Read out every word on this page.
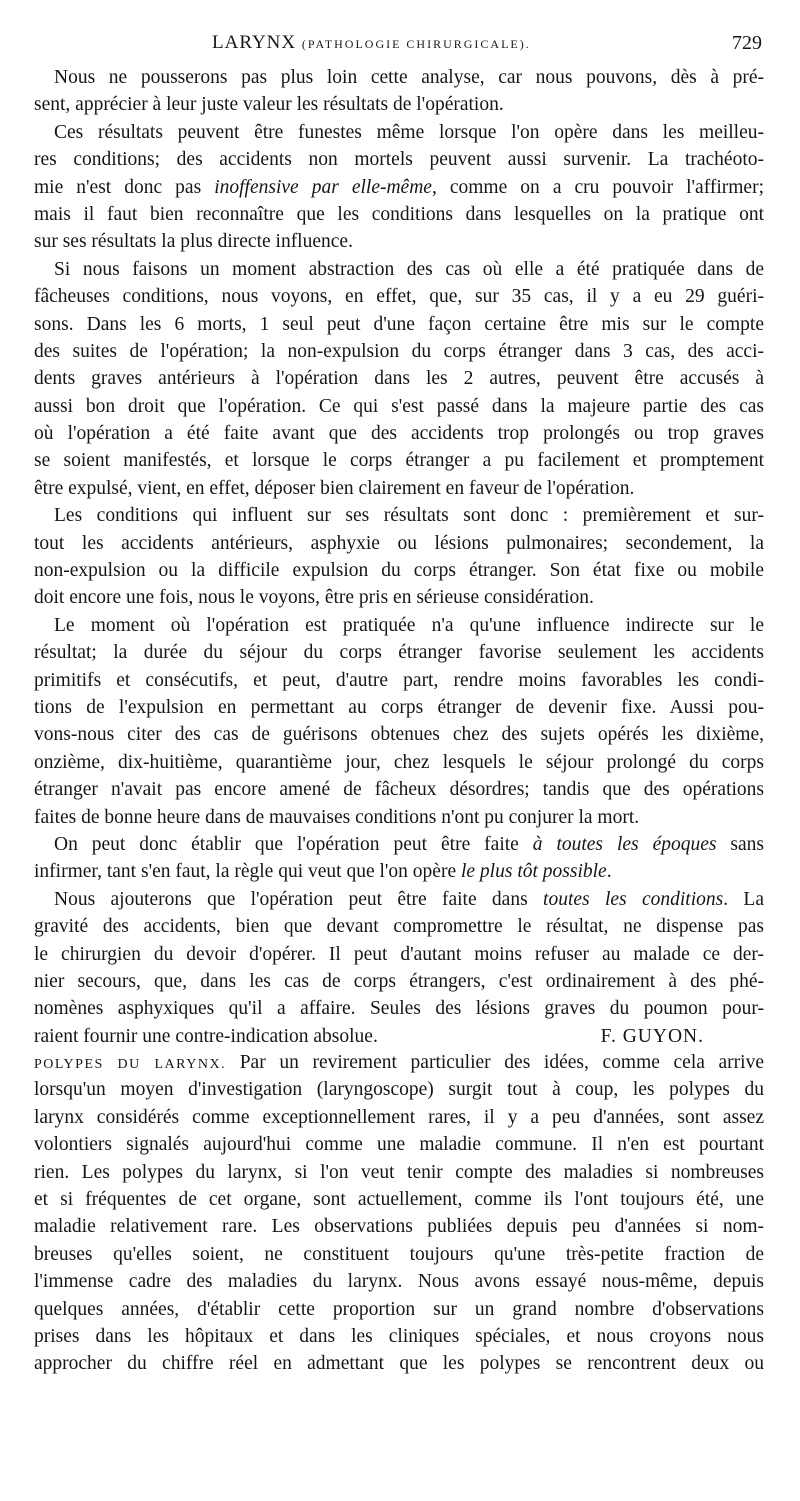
LARYNX (PATHOLOGIE CHIRURGICALE).	729
Nous ne pousserons pas plus loin cette analyse, car nous pouvons, dès à pré-
sent, apprécier à leur juste valeur les résultats de l'opération.
Ces résultats peuvent être funestes même lorsque l'on opère dans les meilleu-
res conditions; des accidents non mortels peuvent aussi survenir. La trachéoto-
mie n'est donc pas inoffensive par elle-même, comme on a cru pouvoir l'affirmer;
mais il faut bien reconnaître que les conditions dans lesquelles on la pratique ont
sur ses résultats la plus directe influence.
Si nous faisons un moment abstraction des cas où elle a été pratiquée dans de
fâcheuses conditions, nous voyons, en effet, que, sur 35 cas, il y a eu 29 guéri-
sons. Dans les 6 morts, 1 seul peut d'une façon certaine être mis sur le compte
des suites de l'opération; la non-expulsion du corps étranger dans 3 cas, des acci-
dents graves antérieurs à l'opération dans les 2 autres, peuvent être accusés à
aussi bon droit que l'opération. Ce qui s'est passé dans la majeure partie des cas
où l'opération a été faite avant que des accidents trop prolongés ou trop graves
se soient manifestés, et lorsque le corps étranger a pu facilement et promptement
être expulsé, vient, en effet, déposer bien clairement en faveur de l'opération.
Les conditions qui influent sur ses résultats sont donc : premièrement et sur-
tout les accidents antérieurs, asphyxie ou lésions pulmonaires; secondement, la
non-expulsion ou la difficile expulsion du corps étranger. Son état fixe ou mobile
doit encore une fois, nous le voyons, être pris en sérieuse considération.
Le moment où l'opération est pratiquée n'a qu'une influence indirecte sur le
résultat; la durée du séjour du corps étranger favorise seulement les accidents
primitifs et consécutifs, et peut, d'autre part, rendre moins favorables les condi-
tions de l'expulsion en permettant au corps étranger de devenir fixe. Aussi pou-
vons-nous citer des cas de guérisons obtenues chez des sujets opérés les dixième,
onzième, dix-huitième, quarantième jour, chez lesquels le séjour prolongé du corps
étranger n'avait pas encore amené de fâcheux désordres; tandis que des opérations
faites de bonne heure dans de mauvaises conditions n'ont pu conjurer la mort.
On peut donc établir que l'opération peut être faite à toutes les époques sans
infirmer, tant s'en faut, la règle qui veut que l'on opère le plus tôt possible.
Nous ajouterons que l'opération peut être faite dans toutes les conditions. La
gravité des accidents, bien que devant compromettre le résultat, ne dispense pas
le chirurgien du devoir d'opérer. Il peut d'autant moins refuser au malade ce der-
nier secours, que, dans les cas de corps étrangers, c'est ordinairement à des phé-
nomènes asphyxiques qu'il a affaire. Seules des lésions graves du poumon pour-
raient fournir une contre-indication absolue.	F. GUYON.
POLYPES DU LARYNX. Par un revirement particulier des idées, comme cela arrive
lorsqu'un moyen d'investigation (laryngoscope) surgit tout à coup, les polypes du
larynx considérés comme exceptionnellement rares, il y a peu d'années, sont assez
volontiers signalés aujourd'hui comme une maladie commune. Il n'en est pourtant
rien. Les polypes du larynx, si l'on veut tenir compte des maladies si nombreuses
et si fréquentes de cet organe, sont actuellement, comme ils l'ont toujours été, une
maladie relativement rare. Les observations publiées depuis peu d'années si nom-
breuses qu'elles soient, ne constituent toujours qu'une très-petite fraction de
l'immense cadre des maladies du larynx. Nous avons essayé nous-même, depuis
quelques années, d'établir cette proportion sur un grand nombre d'observations
prises dans les hôpitaux et dans les cliniques spéciales, et nous croyons nous
approcher du chiffre réel en admettant que les polypes se rencontrent deux ou
